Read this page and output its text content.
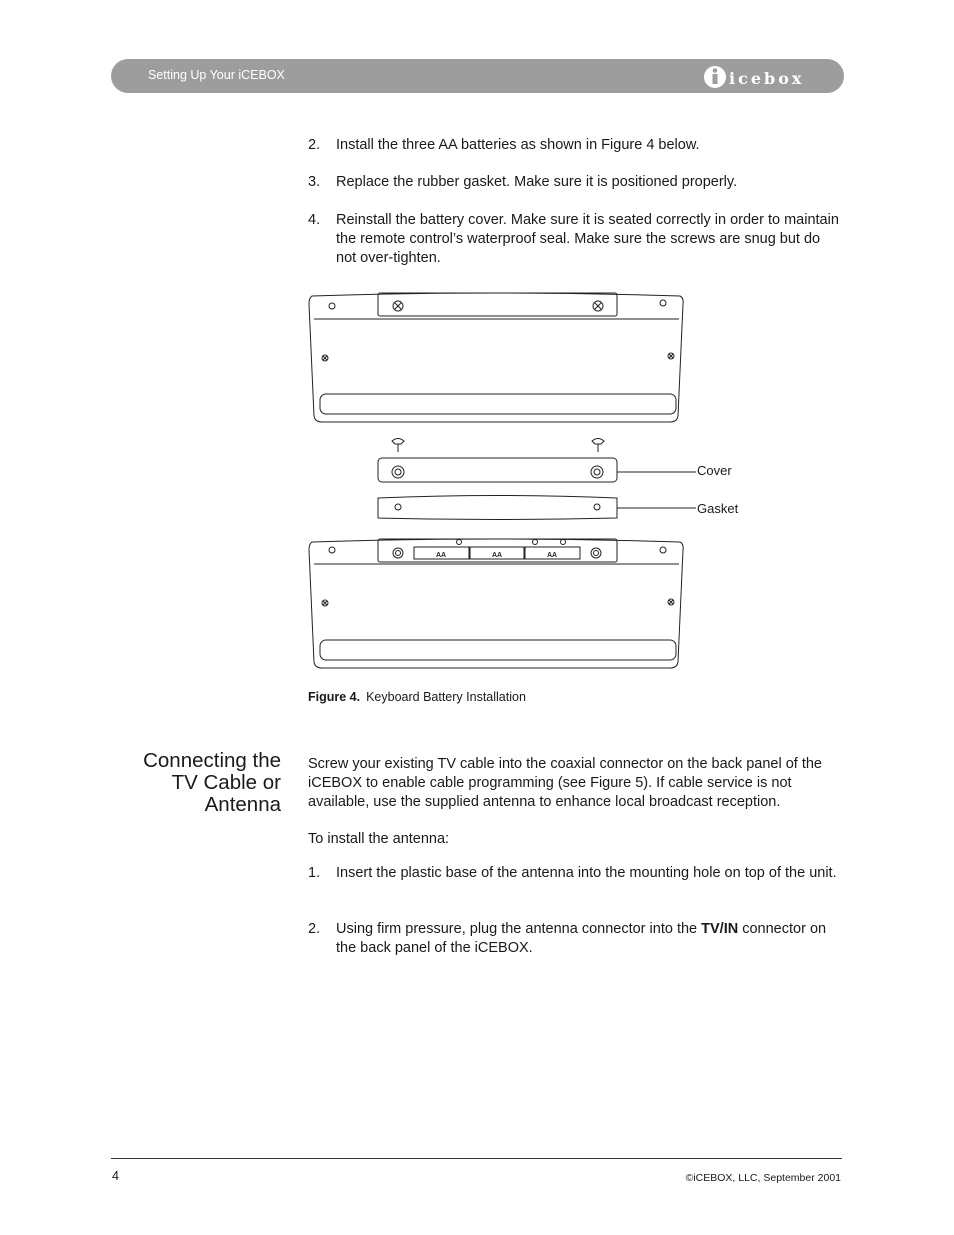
Setting Up Your iCEBOX	icebox
2. Install the three AA batteries as shown in Figure 4 below.
3. Replace the rubber gasket. Make sure it is positioned properly.
4. Reinstall the battery cover. Make sure it is seated correctly in order to maintain the remote control’s waterproof seal. Make sure the screws are snug but do not over-tighten.
AA	AA	AA
Cover
Gasket
Figure 4. Keyboard Battery Installation
Connecting the
TV Cable or
Antenna
Screw your existing TV cable into the coaxial connector on the back panel of the iCEBOX to enable cable programming (see Figure 5). If cable service is not available, use the supplied antenna to enhance local broadcast reception.
To install the antenna:
1. Insert the plastic base of the antenna into the mounting hole on top of the unit.
2. Using firm pressure, plug the antenna connector into the TV/IN connector on the back panel of the iCEBOX.
4	©iCEBOX, LLC, September 2001
